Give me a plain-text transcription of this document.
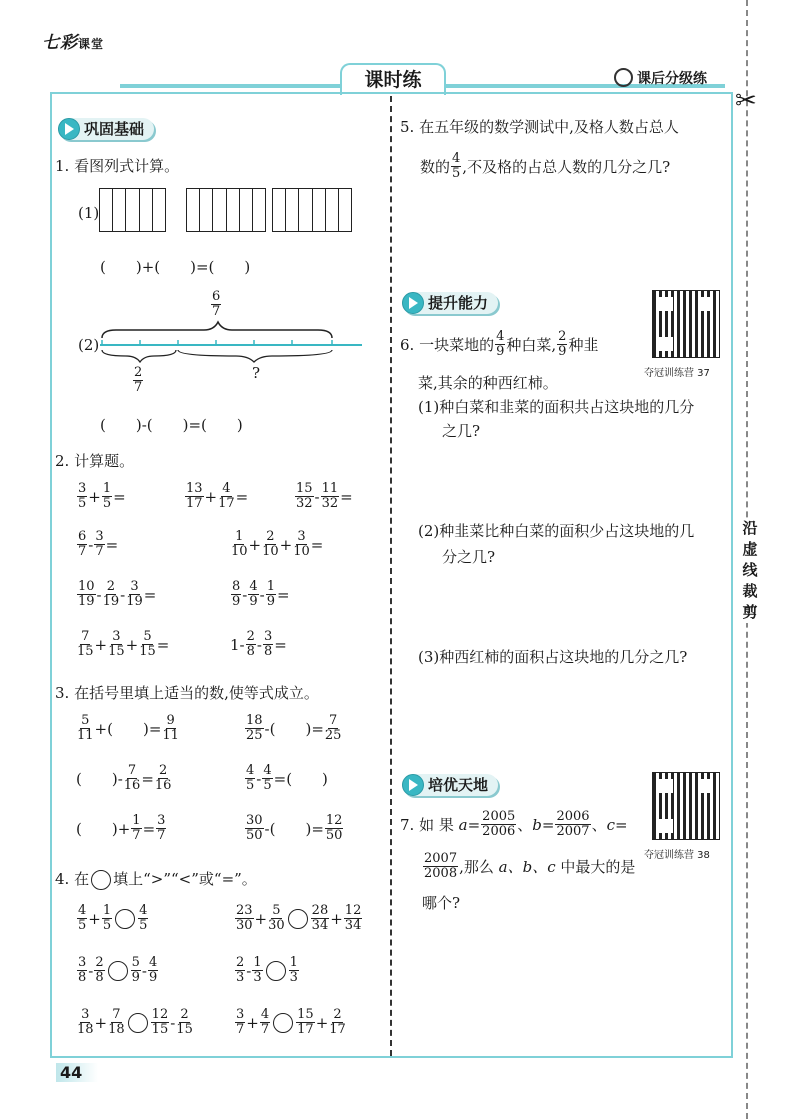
七彩课堂
课时练	课后分级练
✂
沿虚线裁剪
巩固基础
1. 看图列式计算。
(1)
(　　)+(　　)=(　　)
(2)
$\frac{6}{7}$
$\frac{2}{7}$	?
(　　)-(　　)=(　　)
2. 计算题。
$\frac{3}{5} + \frac{1}{5}$ =	$\frac{13}{17} + \frac{4}{17}$ =	$\frac{15}{32} - \frac{11}{32}$ =
$\frac{6}{7} - \frac{3}{7}$ =	$\frac{1}{10} + \frac{2}{10} + \frac{3}{10}$ =
$\frac{10}{19} - \frac{2}{19} - \frac{3}{19}$ =	$\frac{8}{9} - \frac{4}{9} - \frac{1}{9}$ =
$\frac{7}{15} + \frac{3}{15} + \frac{5}{15}$ =	$1- \frac{2}{8} - \frac{3}{8}$ =
3. 在括号里填上适当的数,使等式成立。
$\frac{5}{11}$ +(　　)= $\frac{9}{11}$	$\frac{18}{25}$ -(　　)= $\frac{7}{25}$
(　　)- $\frac{7}{16} = \frac{2}{16}$	$\frac{4}{5} - \frac{4}{5}$ =(　　)
(　　)+ $\frac{1}{7} = \frac{3}{7}$	$\frac{30}{50}$ -(　　)= $\frac{12}{50}$
4. 在 填上“>”“<”或“=”。
$\frac{4}{5} + \frac{1}{5} \frac{4}{5}$	$\frac{23}{30} + \frac{5}{30} \frac{28}{34} + \frac{12}{34}$
$\frac{3}{8} - \frac{2}{8} \frac{5}{9} - \frac{4}{9}$	$\frac{2}{3} - \frac{1}{3} \frac{1}{3}$
$\frac{3}{18} + \frac{7}{18} \frac{12}{15} - \frac{2}{15}$	$\frac{3}{7} + \frac{4}{7} \frac{15}{17} + \frac{2}{17}$
5. 在五年级的数学测试中,及格人数占总人
数的 $\frac{4}{5}$ ,不及格的占总人数的几分之几?
提升能力
夺冠训练营 37
6. 一块菜地的 $\frac{4}{9}$ 种白菜, $\frac{2}{9}$ 种韭
菜,其余的种西红柿。
(1)种白菜和韭菜的面积共占这块地的几分
之几?
(2)种韭菜比种白菜的面积少占这块地的几
分之几?
(3)种西红柿的面积占这块地的几分之几?
培优天地
夺冠训练营 38
7. 如 果
$a = \frac{2005}{2006}$ 、 $b = \frac{2006}{2007}$ 、 c =
$\frac{2007}{2008}$ ,那么
a、b、c
中最大的是
哪个?
44
